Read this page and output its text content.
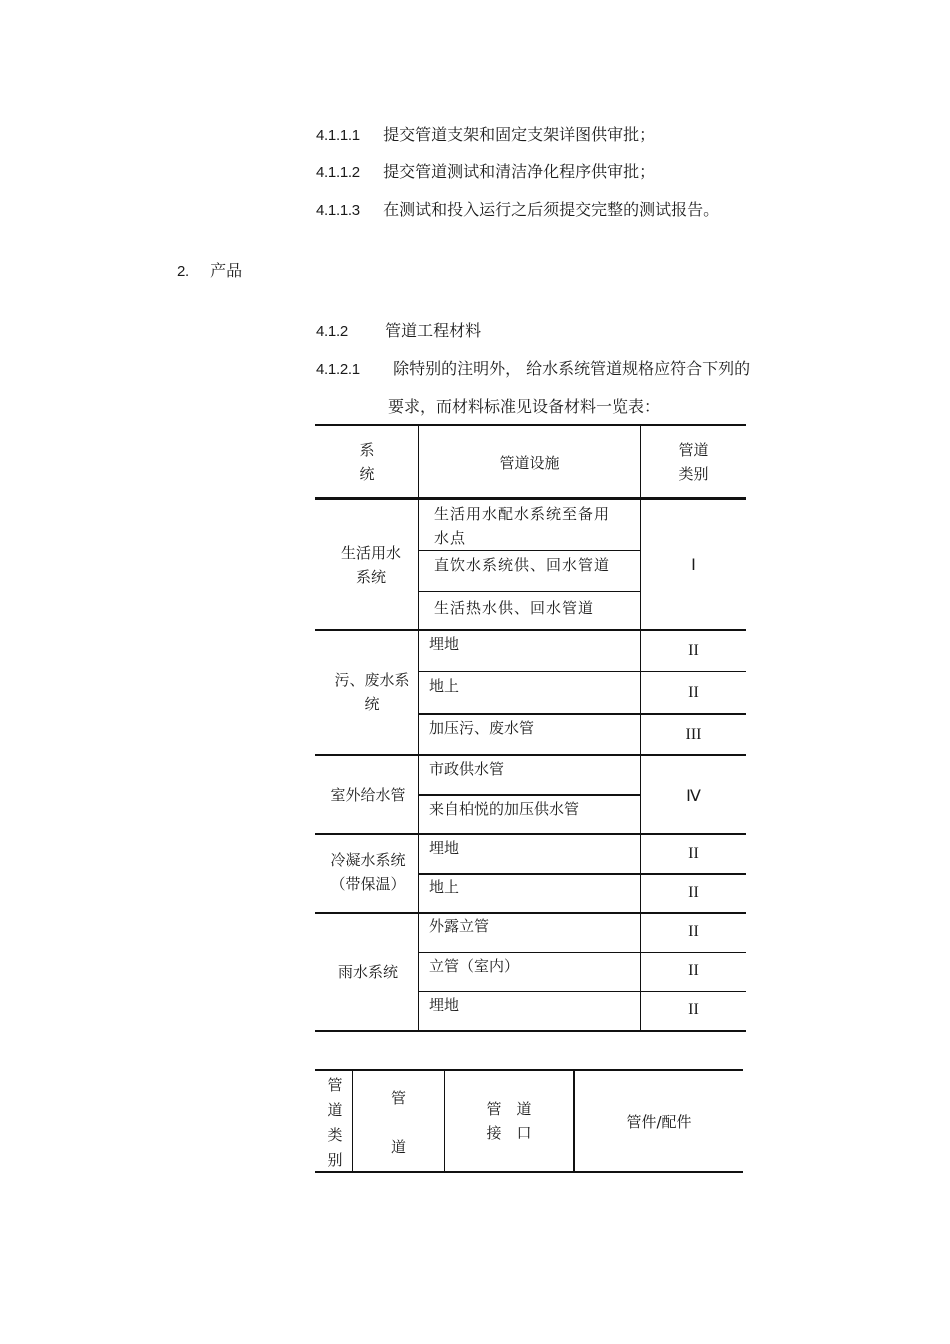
4.1.1.1 提交管道支架和固定支架详图供审批；
4.1.1.2 提交管道测试和清洁净化程序供审批；
4.1.1.3 在测试和投入运行之后须提交完整的测试报告。
2. 产品
4.1.2 管道工程材料
4.1.2.1 除特别的注明外， 给水系统管道规格应符合下列的
要求，而材料标准见设备材料一览表：
系
统
管道设施
管道
类别
生活用水
系统
生活用水配水系统至备用
水点
直饮水系统供、回水管道
生活热水供、回水管道
Ⅰ
污、废水系
统
埋地
地上
加压污、废水管
II
II
III
室外给水管
市政供水管
来自柏悦的加压供水管
Ⅳ
冷凝水系统
（带保温）
埋地
地上
II
II
雨水系统
外露立管
立管（室内）
埋地
II
II
II
管
道
类
别
管
道
管　道
接　口
管件/配件
